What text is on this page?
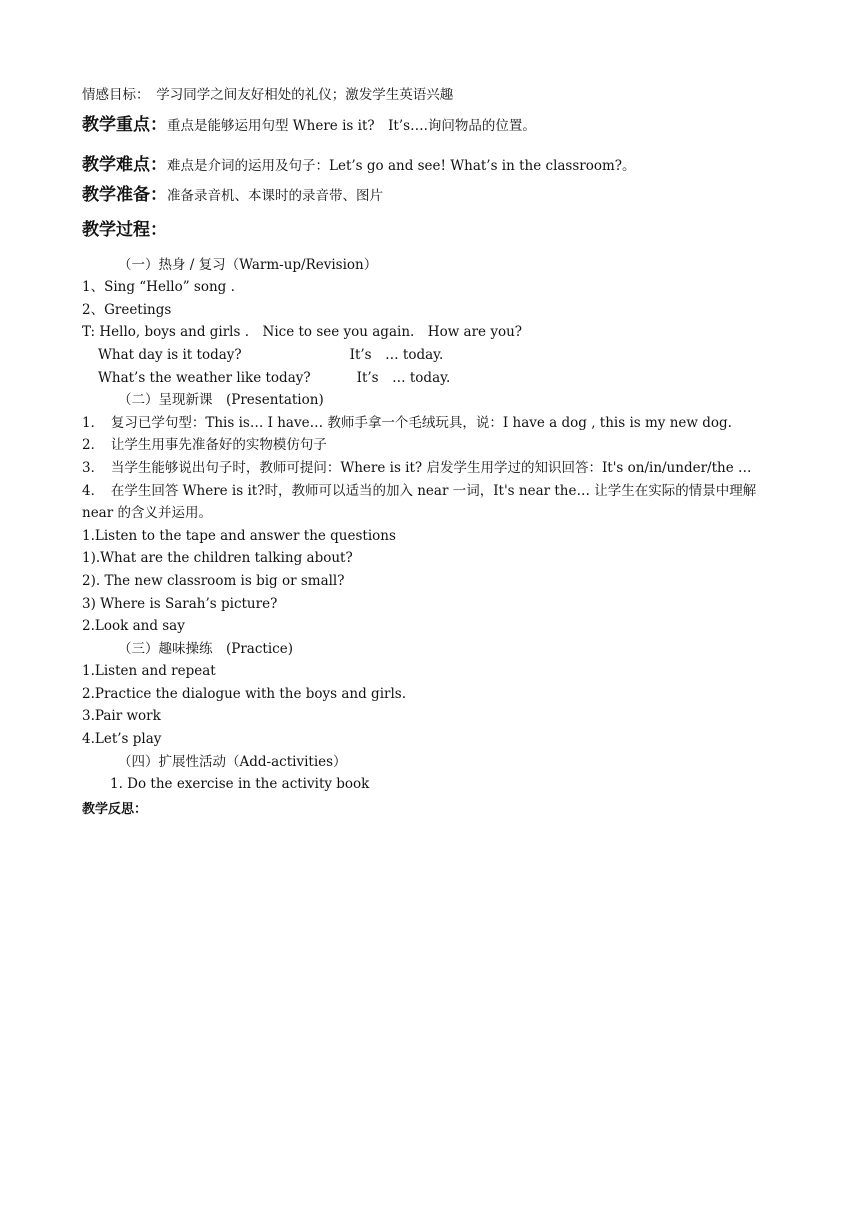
情感目标：　学习同学之间友好相处的礼仪；激发学生英语兴趣
教学重点：重点是能够运用句型 Where is it?　It’s….询问物品的位置。
教学难点：难点是介词的运用及句子：Let’s go and see! What’s in the classroom?。
教学准备：准备录音机、本课时的录音带、图片
教学过程：
（一）热身 / 复习（Warm-up/Revision）
1、Sing “Hello” song .
2、Greetings
T: Hello, boys and girls .　Nice to see you again.　How are you?
What day is it today?	It’s　… today.
What’s the weather like today?	It’s　… today.
（二）呈现新课　(Presentation)
1．　复习已学句型：This is… I have… 教师手拿一个毛绒玩具，说：I have a dog , this is my new dog.
2．　让学生用事先准备好的实物模仿句子
3．　当学生能够说出句子时，教师可提问：Where is it? 启发学生用学过的知识回答：It's on/in/under/the …
4．　在学生回答 Where is it?时，教师可以适当的加入 near 一词，It's near the… 让学生在实际的情景中理解 near 的含义并运用。
1.Listen to the tape and answer the questions
1).What are the children talking about?
2). The new classroom is big or small?
3) Where is Sarah’s picture?
2.Look and say
（三）趣味操练　(Practice)
1.Listen and repeat
2.Practice the dialogue with the boys and girls.
3.Pair work
4.Let’s play
（四）扩展性活动（Add-activities）
1. Do the exercise in the activity book
教学反思：
